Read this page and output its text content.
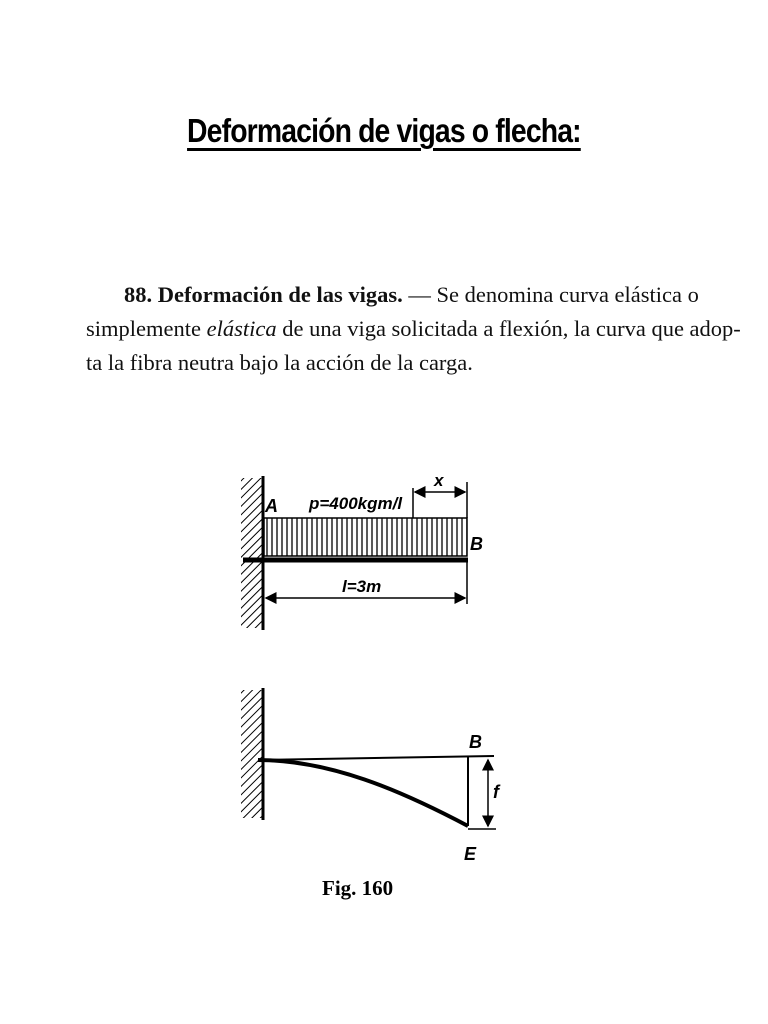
Deformación de vigas o flecha:
88. Deformación de las vigas. — Se denomina curva elástica o
simplemente elástica de una viga solicitada a flexión, la curva que adop-
ta la fibra neutra bajo la acción de la carga.
A p=400kgm/l
x
B
l=3m
B
f
E
Fig. 160
